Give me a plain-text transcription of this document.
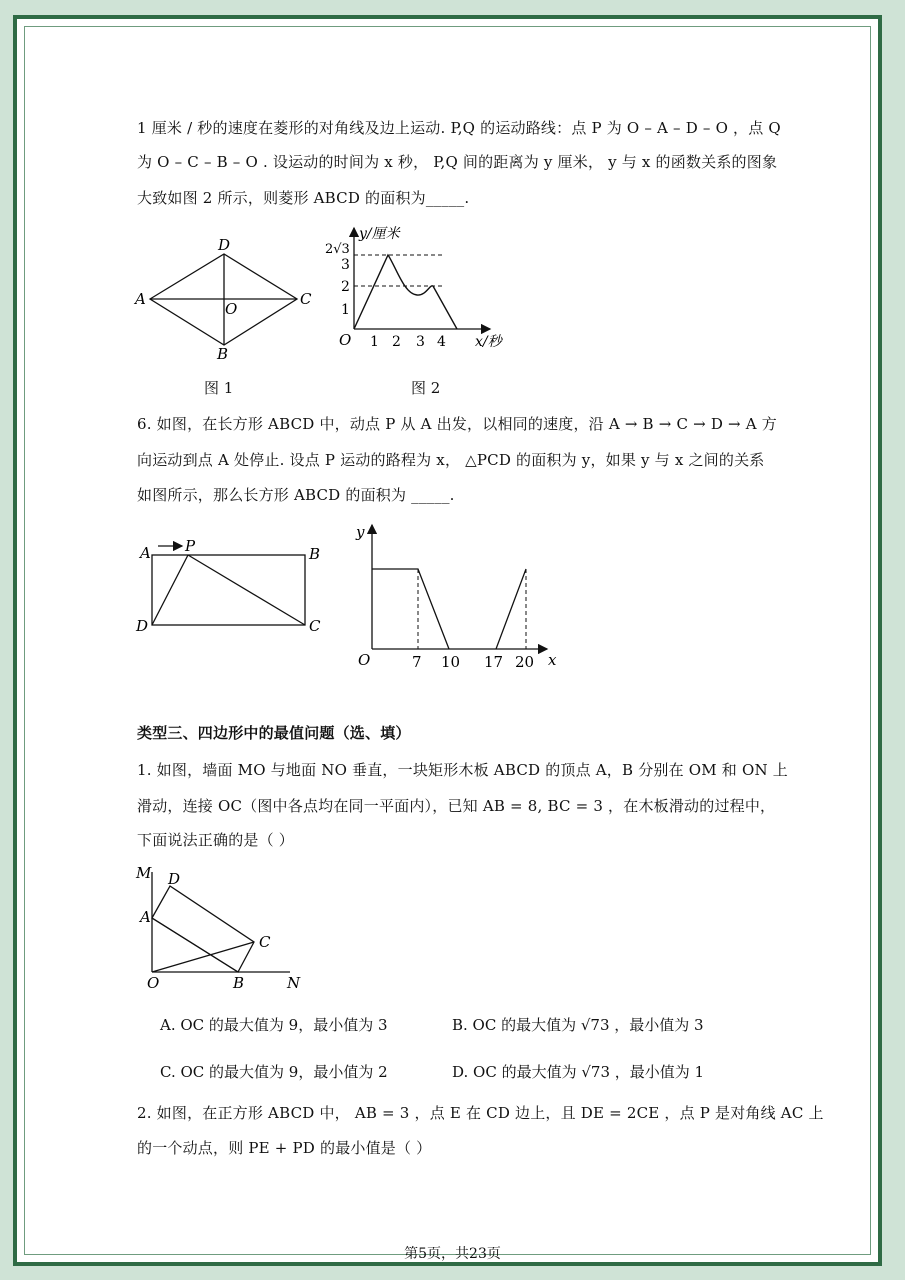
1 厘米 / 秒的速度在菱形的对角线及边上运动. P,Q 的运动路线：点 P 为 O – A – D – O ，点 Q
为 O – C – B – O . 设运动的时间为 x 秒， P,Q 间的距离为 y 厘米， y 与 x 的函数关系的图象
大致如图 2 所示，则菱形 ABCD 的面积为_____.
D
A
O
C
B
图 1
y/厘米
2√3
3
2
1
O 1 2 3 4 x/秒
图 2
6. 如图，在长方形 ABCD 中，动点 P 从 A 出发，以相同的速度，沿 A → B → C → D → A 方
向运动到点 A 处停止. 设点 P 运动的路程为 x， △PCD 的面积为 y，如果 y 与 x 之间的关系
如图所示，那么长方形 ABCD 的面积为 _____.
A P	B
D	C
y
O	7 10 17 20 x
类型三、四边形中的最值问题（选、填）
1. 如图，墙面 MO 与地面 NO 垂直，一块矩形木板 ABCD 的顶点 A，B 分别在 OM 和 ON 上
滑动，连接 OC（图中各点均在同一平面内），已知 AB = 8, BC = 3 ，在木板滑动的过程中，
下面说法正确的是（ ）
M D
A
C
O	B	N
A. OC 的最大值为 9，最小值为 3	B. OC 的最大值为 √73 ，最小值为 3
C. OC 的最大值为 9，最小值为 2	D. OC 的最大值为 √73 ，最小值为 1
2. 如图，在正方形 ABCD 中， AB = 3 ，点 E 在 CD 边上，且 DE = 2CE ，点 P 是对角线 AC 上
的一个动点，则 PE + PD 的最小值是（ ）
第5页，共23页
